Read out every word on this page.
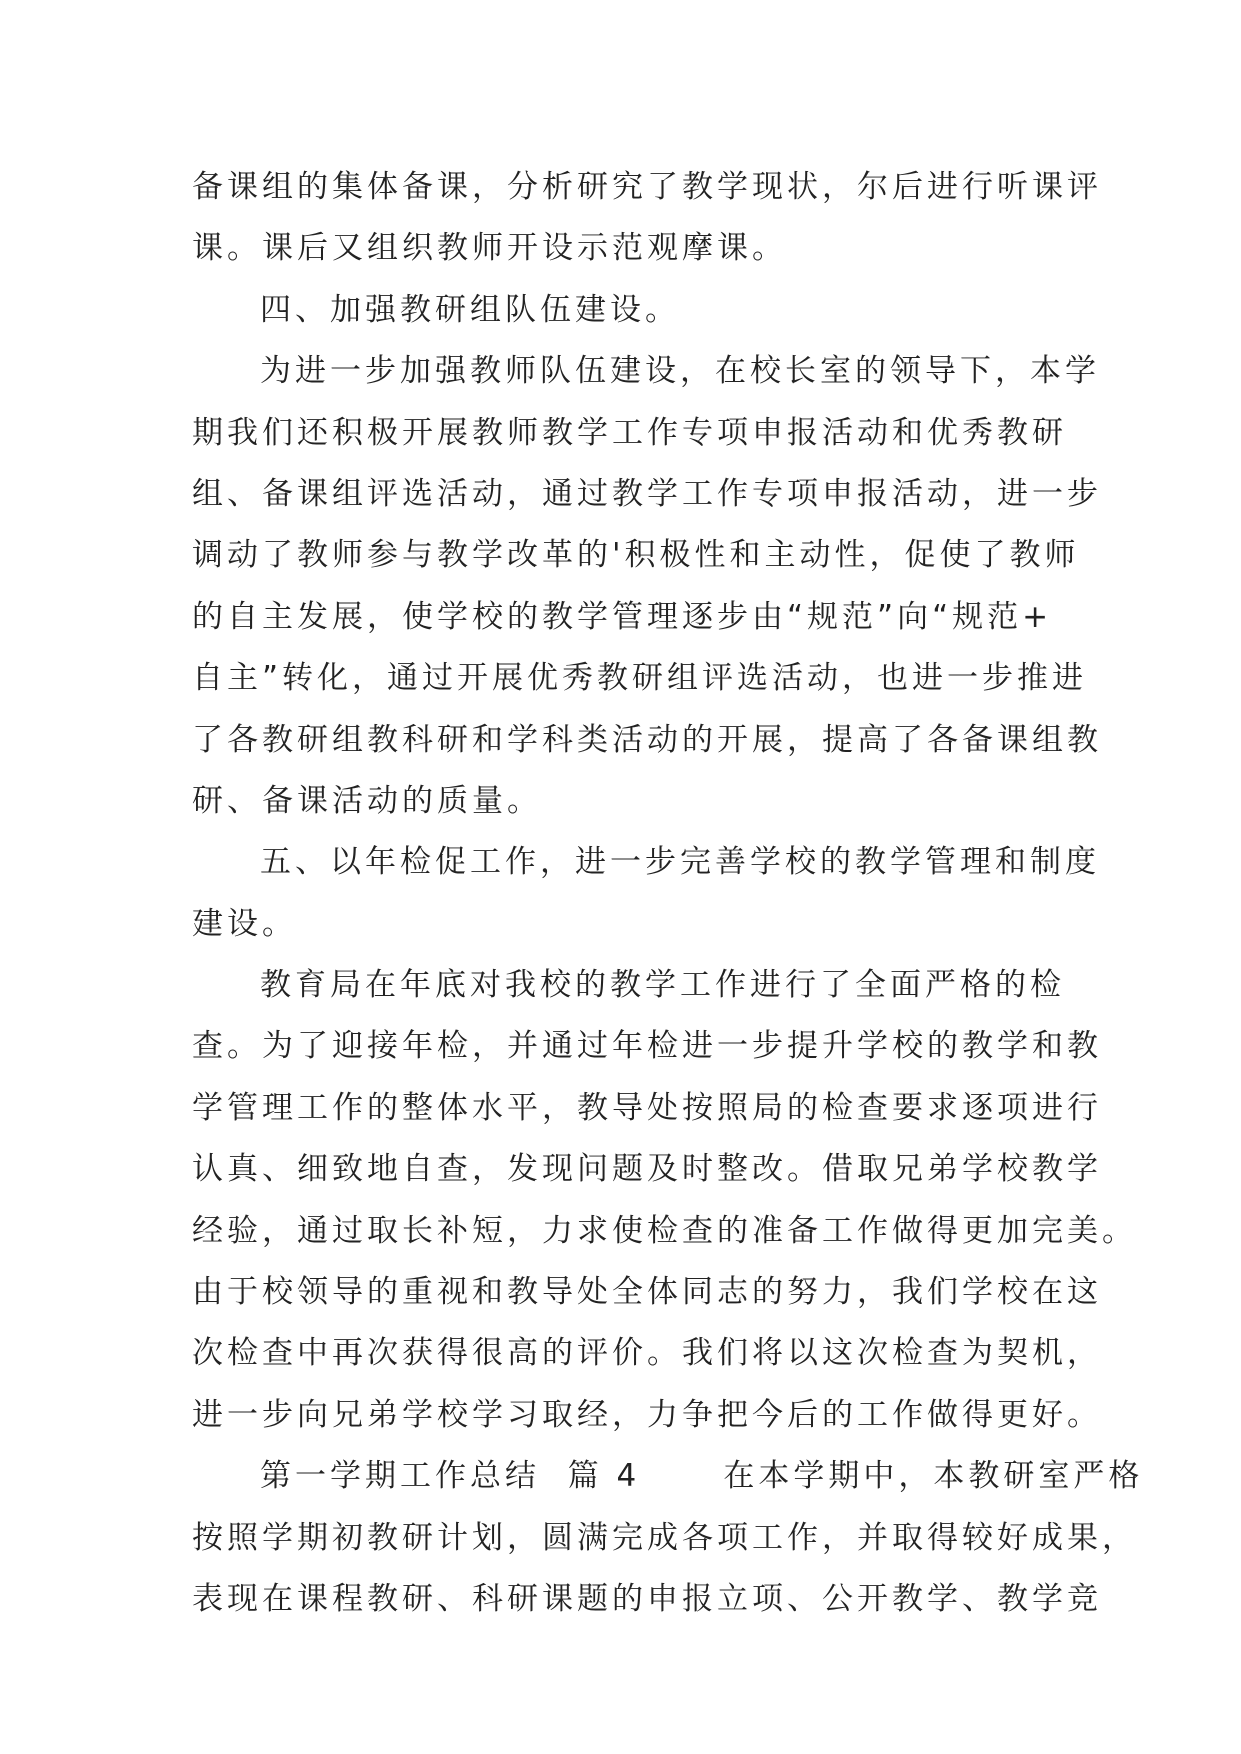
备课组的集体备课，分析研究了教学现状，尔后进行听课评
课。课后又组织教师开设示范观摩课。
四、加强教研组队伍建设。
为进一步加强教师队伍建设，在校长室的领导下，本学
期我们还积极开展教师教学工作专项申报活动和优秀教研
组、备课组评选活动，通过教学工作专项申报活动，进一步
调动了教师参与教学改革的'积极性和主动性，促使了教师
的自主发展，使学校的教学管理逐步由“规范”向“规范+
自主”转化，通过开展优秀教研组评选活动，也进一步推进
了各教研组教科研和学科类活动的开展，提高了各备课组教
研、备课活动的质量。
五、以年检促工作，进一步完善学校的教学管理和制度
建设。
教育局在年底对我校的教学工作进行了全面严格的检
查。为了迎接年检，并通过年检进一步提升学校的教学和教
学管理工作的整体水平，教导处按照局的检查要求逐项进行
认真、细致地自查，发现问题及时整改。借取兄弟学校教学
经验，通过取长补短，力求使检查的准备工作做得更加完美。
由于校领导的重视和教导处全体同志的努力，我们学校在这
次检查中再次获得很高的评价。我们将以这次检查为契机，
进一步向兄弟学校学习取经，力争把今后的工作做得更好。
第一学期工作总结  篇 4      在本学期中，本教研室严格
按照学期初教研计划，圆满完成各项工作，并取得较好成果，
表现在课程教研、科研课题的申报立项、公开教学、教学竞
